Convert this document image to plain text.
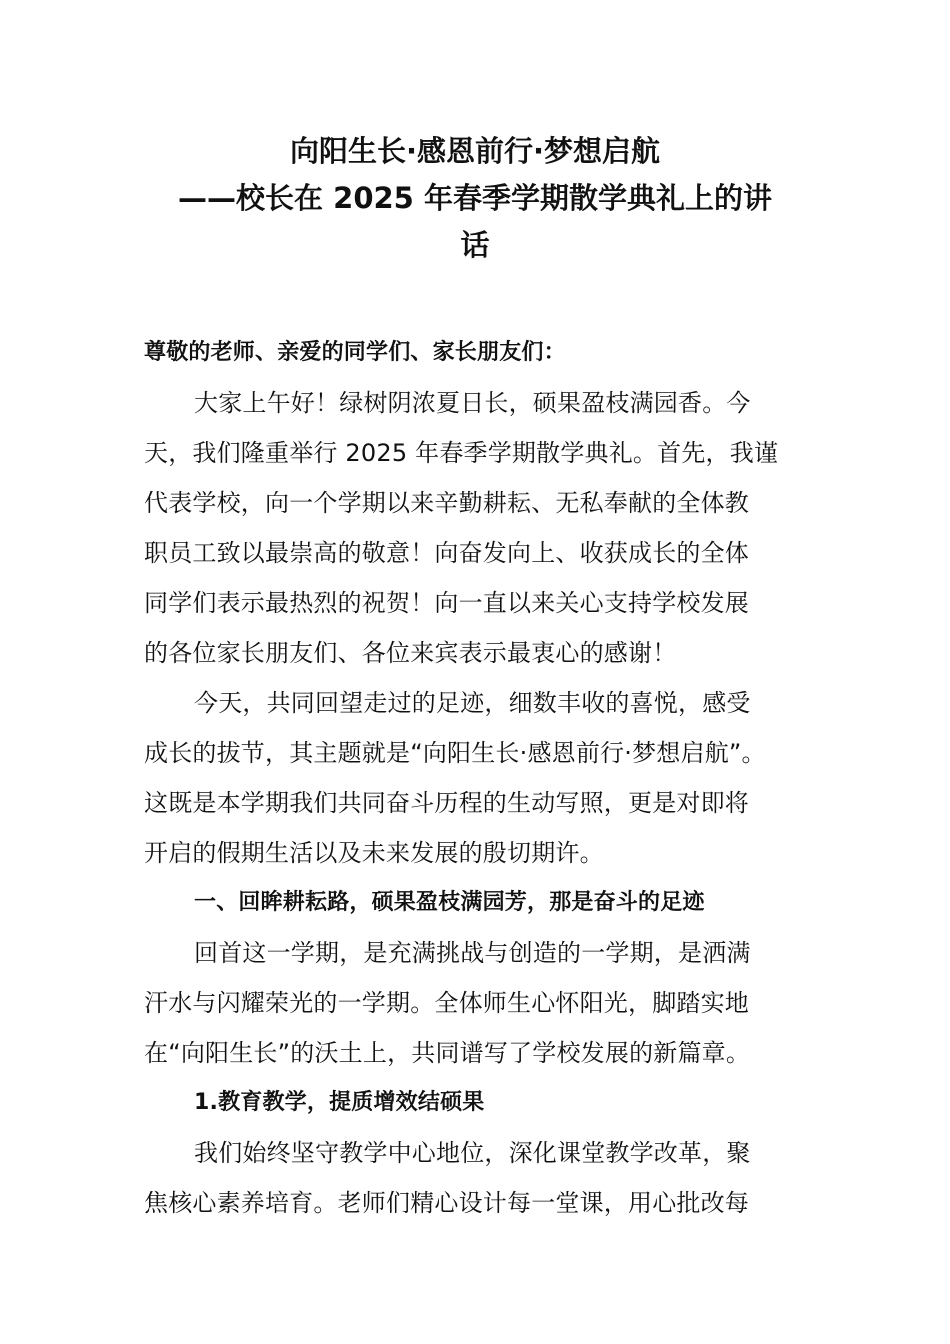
向阳生长·感恩前行·梦想启航
——校长在 2025 年春季学期散学典礼上的讲
话
尊敬的老师、亲爱的同学们、家长朋友们：
大家上午好！绿树阴浓夏日长，硕果盈枝满园香。今
天，我们隆重举行 2025 年春季学期散学典礼。首先，我谨
代表学校，向一个学期以来辛勤耕耘、无私奉献的全体教
职员工致以最崇高的敬意！向奋发向上、收获成长的全体
同学们表示最热烈的祝贺！向一直以来关心支持学校发展
的各位家长朋友们、各位来宾表示最衷心的感谢！
今天，共同回望走过的足迹，细数丰收的喜悦，感受
成长的拔节，其主题就是“向阳生长·感恩前行·梦想启航”。
这既是本学期我们共同奋斗历程的生动写照，更是对即将
开启的假期生活以及未来发展的殷切期许。
一、回眸耕耘路，硕果盈枝满园芳，那是奋斗的足迹
回首这一学期，是充满挑战与创造的一学期，是洒满
汗水与闪耀荣光的一学期。全体师生心怀阳光，脚踏实地
在“向阳生长”的沃土上，共同谱写了学校发展的新篇章。
1.教育教学，提质增效结硕果
我们始终坚守教学中心地位，深化课堂教学改革，聚
焦核心素养培育。老师们精心设计每一堂课，用心批改每
